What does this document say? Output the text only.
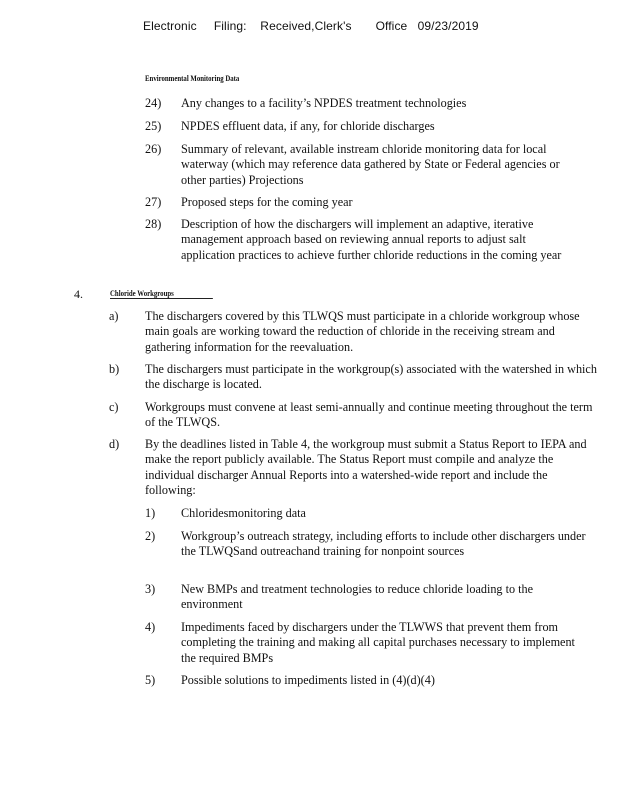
Electronic     Filing:    Received,Clerk's       Office   09/23/2019
Environmental Monitoring Data
24) Any changes to a facility’s NPDES treatment technologies
25) NPDES effluent data, if any, for chloride discharges
26) Summary of relevant, available instream chloride monitoring data for local waterway (which may reference data gathered by State or Federal agencies or other parties) Projections
27) Proposed steps for the coming year
28) Description of how the dischargers will implement an adaptive, iterative management approach based on reviewing annual reports to adjust salt application practices to achieve further chloride reductions in the coming year
4.	Chloride Workgroups
a) The dischargers covered by this TLWQS must participate in a chloride workgroup whose main goals are working toward the reduction of chloride in the receiving stream and gathering information for the reevaluation.
b) The dischargers must participate in the workgroup(s) associated with the watershed in which the discharge is located.
c) Workgroups must convene at least semi-annually and continue meeting throughout the term of the TLWQS.
d) By the deadlines listed in Table 4, the workgroup must submit a Status Report to IEPA and make the report publicly available. The Status Report must compile and analyze the individual discharger Annual Reports into a watershed-wide report and include the following:
1) Chloridesmonitoring data
2) Workgroup’s outreach strategy, including efforts to include other dischargers under the TLWQSand outreachand training for nonpoint sources
3) New BMPs and treatment technologies to reduce chloride loading to the environment
4) Impediments faced by dischargers under the TLWWS that prevent them from completing the training and making all capital purchases necessary to implement the required BMPs
5) Possible solutions to impediments listed in (4)(d)(4)
